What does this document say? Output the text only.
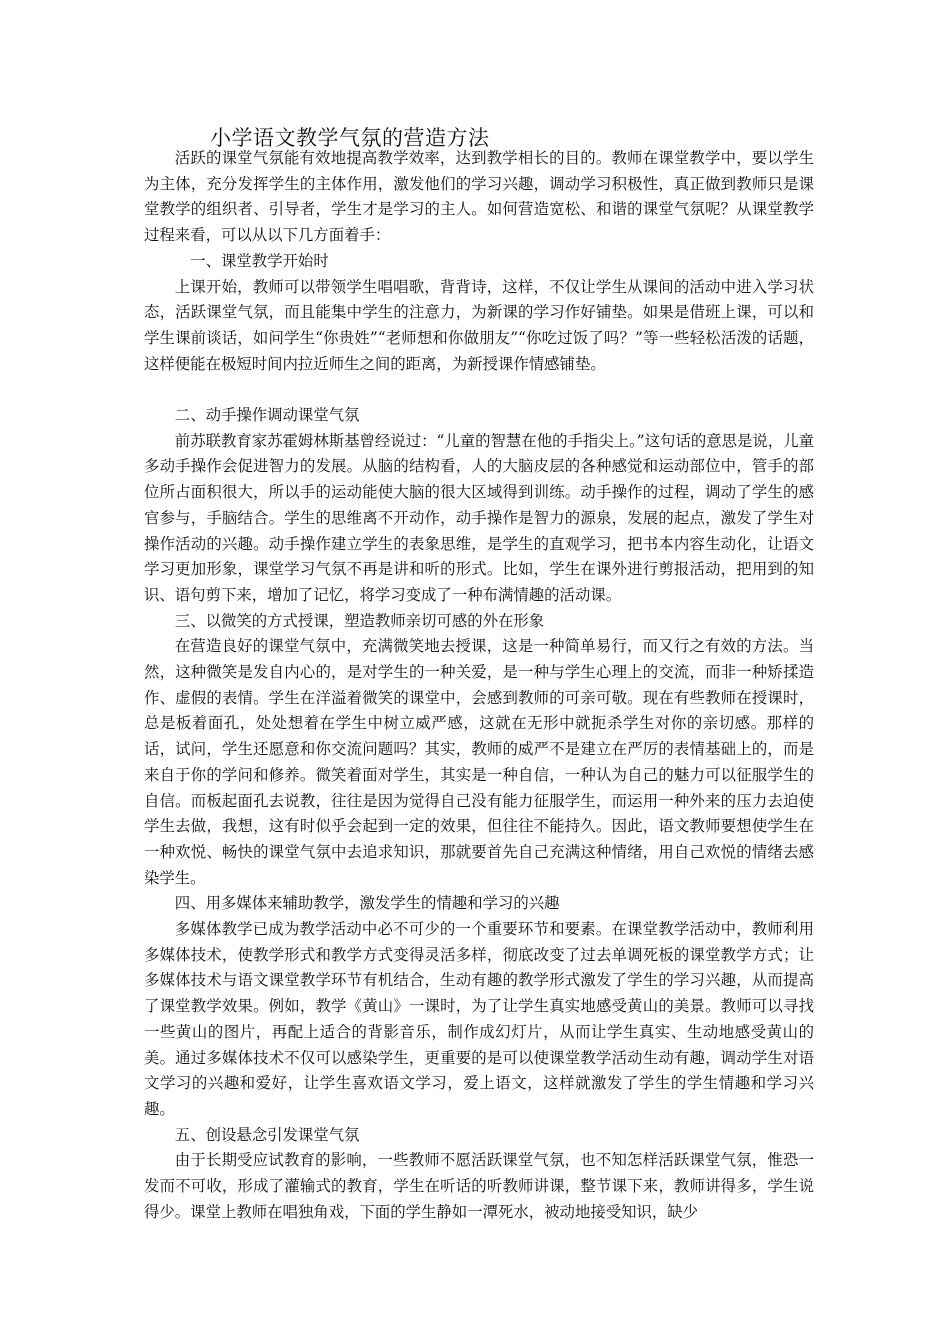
小学语文教学气氛的营造方法

活跃的课堂气氛能有效地提高教学效率，达到教学相长的目的。教师在课堂教学中，要以学生为主体，充分发挥学生的主体作用，激发他们的学习兴趣，调动学习积极性，真正做到教师只是课堂教学的组织者、引导者，学生才是学习的主人。如何营造宽松、和谐的课堂气氛呢？从课堂教学过程来看，可以从以下几方面着手：

一、课堂教学开始时

上课开始，教师可以带领学生唱唱歌，背背诗，这样，不仅让学生从课间的活动中进入学习状态，活跃课堂气氛，而且能集中学生的注意力，为新课的学习作好铺垫。如果是借班上课，可以和学生课前谈话，如问学生“你贵姓”“老师想和你做朋友”“你吃过饭了吗？”等一些轻松活泼的话题，这样便能在极短时间内拉近师生之间的距离，为新授课作情感铺垫。

二、动手操作调动课堂气氛

前苏联教育家苏霍姆林斯基曾经说过：“儿童的智慧在他的手指尖上。”这句话的意思是说，儿童多动手操作会促进智力的发展。从脑的结构看，人的大脑皮层的各种感觉和运动部位中，管手的部位所占面积很大，所以手的运动能使大脑的很大区域得到训练。动手操作的过程，调动了学生的感官参与，手脑结合。学生的思维离不开动作，动手操作是智力的源泉，发展的起点，激发了学生对操作活动的兴趣。动手操作建立学生的表象思维，是学生的直观学习，把书本内容生动化，让语文学习更加形象，课堂学习气氛不再是讲和听的形式。比如，学生在课外进行剪报活动，把用到的知识、语句剪下来，增加了记忆，将学习变成了一种布满情趣的活动课。

三、以微笑的方式授课，塑造教师亲切可感的外在形象

在营造良好的课堂气氛中，充满微笑地去授课，这是一种简单易行，而又行之有效的方法。当然，这种微笑是发自内心的，是对学生的一种关爱，是一种与学生心理上的交流，而非一种矫揉造作、虚假的表情。学生在洋溢着微笑的课堂中，会感到教师的可亲可敬。现在有些教师在授课时，总是板着面孔，处处想着在学生中树立威严感，这就在无形中就扼杀学生对你的亲切感。那样的话，试问，学生还愿意和你交流问题吗？其实，教师的威严不是建立在严厉的表情基础上的，而是来自于你的学问和修养。微笑着面对学生，其实是一种自信，一种认为自己的魅力可以征服学生的自信。而板起面孔去说教，往往是因为觉得自己没有能力征服学生，而运用一种外来的压力去迫使学生去做，我想，这有时似乎会起到一定的效果，但往往不能持久。因此，语文教师要想使学生在一种欢悦、畅快的课堂气氛中去追求知识，那就要首先自己充满这种情绪，用自己欢悦的情绪去感染学生。

四、用多媒体来辅助教学，激发学生的情趣和学习的兴趣

多媒体教学已成为教学活动中必不可少的一个重要环节和要素。在课堂教学活动中，教师利用多媒体技术，使教学形式和教学方式变得灵活多样，彻底改变了过去单调死板的课堂教学方式；让多媒体技术与语文课堂教学环节有机结合，生动有趣的教学形式激发了学生的学习兴趣，从而提高了课堂教学效果。例如，教学《黄山》一课时，为了让学生真实地感受黄山的美景。教师可以寻找一些黄山的图片，再配上适合的背影音乐，制作成幻灯片，从而让学生真实、生动地感受黄山的美。通过多媒体技术不仅可以感染学生，更重要的是可以使课堂教学活动生动有趣，调动学生对语文学习的兴趣和爱好，让学生喜欢语文学习，爱上语文，这样就激发了学生的学生情趣和学习兴趣。

五、创设悬念引发课堂气氛

由于长期受应试教育的影响，一些教师不愿活跃课堂气氛，也不知怎样活跃课堂气氛，惟恐一发而不可收，形成了灌输式的教育，学生在听话的听教师讲课，整节课下来，教师讲得多，学生说得少。课堂上教师在唱独角戏，下面的学生静如一潭死水，被动地接受知识，缺少
